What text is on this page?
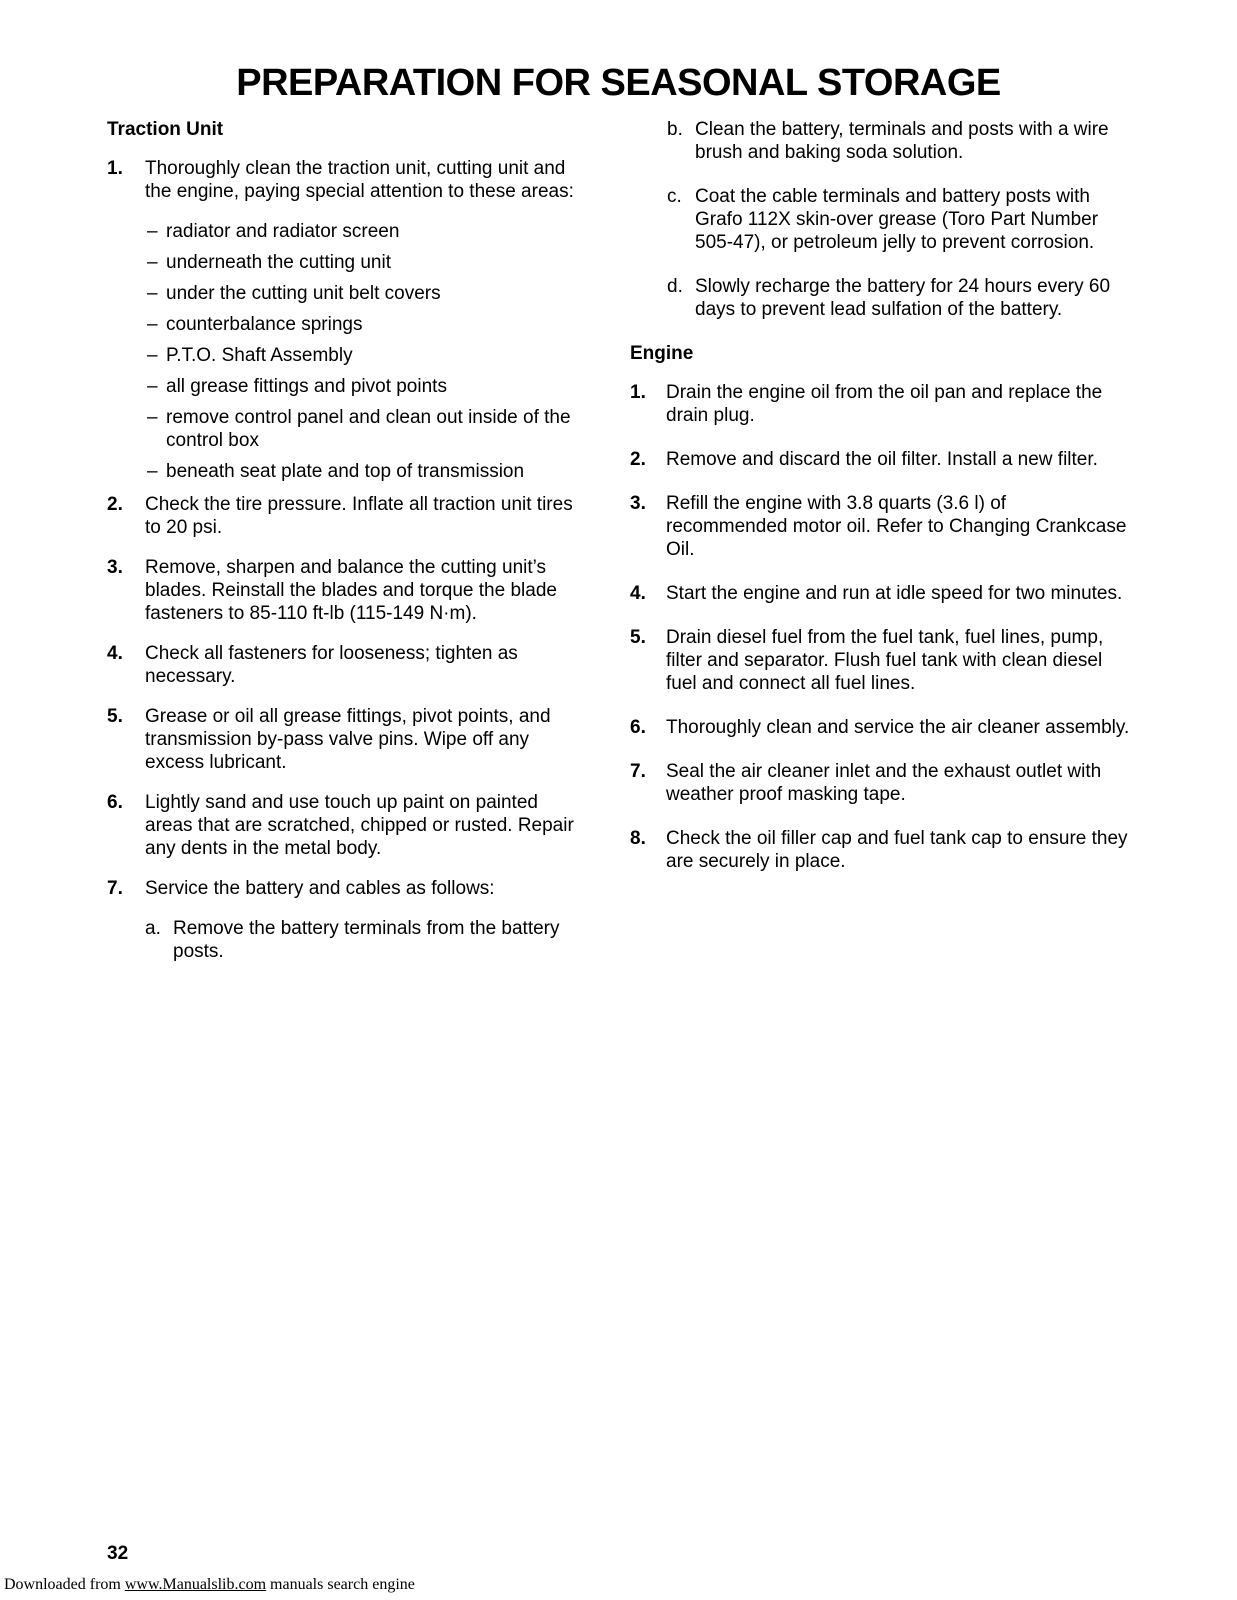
PREPARATION FOR SEASONAL STORAGE
Traction Unit
1.	Thoroughly clean the traction unit, cutting unit and the engine, paying special attention to these areas:
– radiator and radiator screen
– underneath the cutting unit
– under the cutting unit belt covers
– counterbalance springs
– P.T.O. Shaft Assembly
– all grease fittings and pivot points
– remove control panel and clean out inside of the control box
– beneath seat plate and top of transmission
2.	Check the tire pressure. Inflate all traction unit tires to 20 psi.
3.	Remove, sharpen and balance the cutting unit’s blades. Reinstall the blades and torque the blade fasteners to 85-110 ft-lb (115-149 N·m).
4.	Check all fasteners for looseness; tighten as necessary.
5.	Grease or oil all grease fittings, pivot points, and transmission by-pass valve pins. Wipe off any excess lubricant.
6.	Lightly sand and use touch up paint on painted areas that are scratched, chipped or rusted. Repair any dents in the metal body.
7.	Service the battery and cables as follows:
a. Remove the battery terminals from the battery posts.
b. Clean the battery, terminals and posts with a wire brush and baking soda solution.
c. Coat the cable terminals and battery posts with Grafo 112X skin-over grease (Toro Part Number 505-47), or petroleum jelly to prevent corrosion.
d. Slowly recharge the battery for 24 hours every 60 days to prevent lead sulfation of the battery.
Engine
1.	Drain the engine oil from the oil pan and replace the drain plug.
2.	Remove and discard the oil filter. Install a new filter.
3.	Refill the engine with 3.8 quarts (3.6 l) of recommended motor oil. Refer to Changing Crankcase Oil.
4.	Start the engine and run at idle speed for two minutes.
5.	Drain diesel fuel from the fuel tank, fuel lines, pump, filter and separator. Flush fuel tank with clean diesel fuel and connect all fuel lines.
6.	Thoroughly clean and service the air cleaner assembly.
7.	Seal the air cleaner inlet and the exhaust outlet with weather proof masking tape.
8.	Check the oil filler cap and fuel tank cap to ensure they are securely in place.
32
Downloaded from www.Manualslib.com manuals search engine
